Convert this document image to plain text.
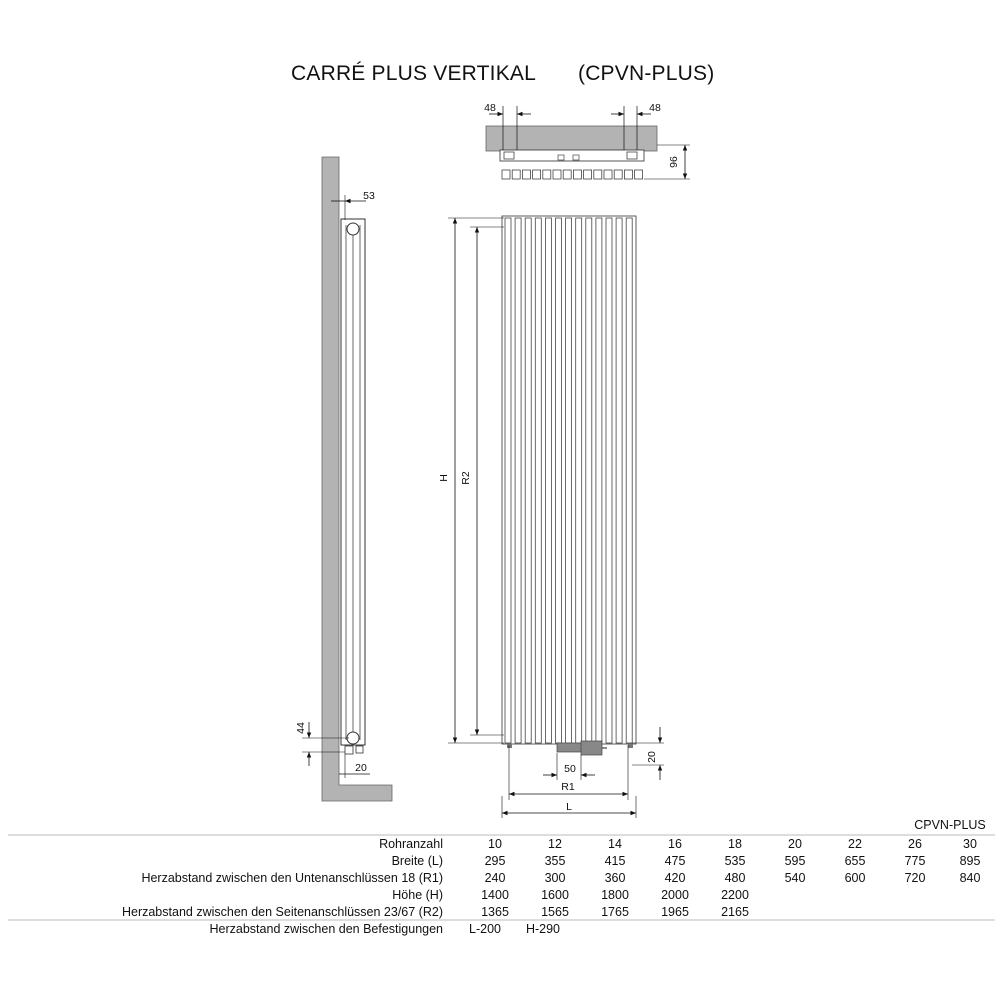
CARRÉ PLUS VERTIKAL (CPVN-PLUS)
48	48
96
53
44
20
H R2
20
50
R1
L
CPVN-PLUS
Rohranzahl	10	12	14	16	18	20	22	26	30
Breite (L)	295	355	415	475	535	595	655	775	895
Herzabstand zwischen den Untenanschlüssen 18 (R1)	240	300	360	420	480	540	600	720	840
Höhe (H)	1400	1600	1800	2000	2200
Herzabstand zwischen den Seitenanschlüssen 23/67 (R2)	1365	1565	1765	1965	2165
Herzabstand zwischen den Befestigungen	L-200	H-290
